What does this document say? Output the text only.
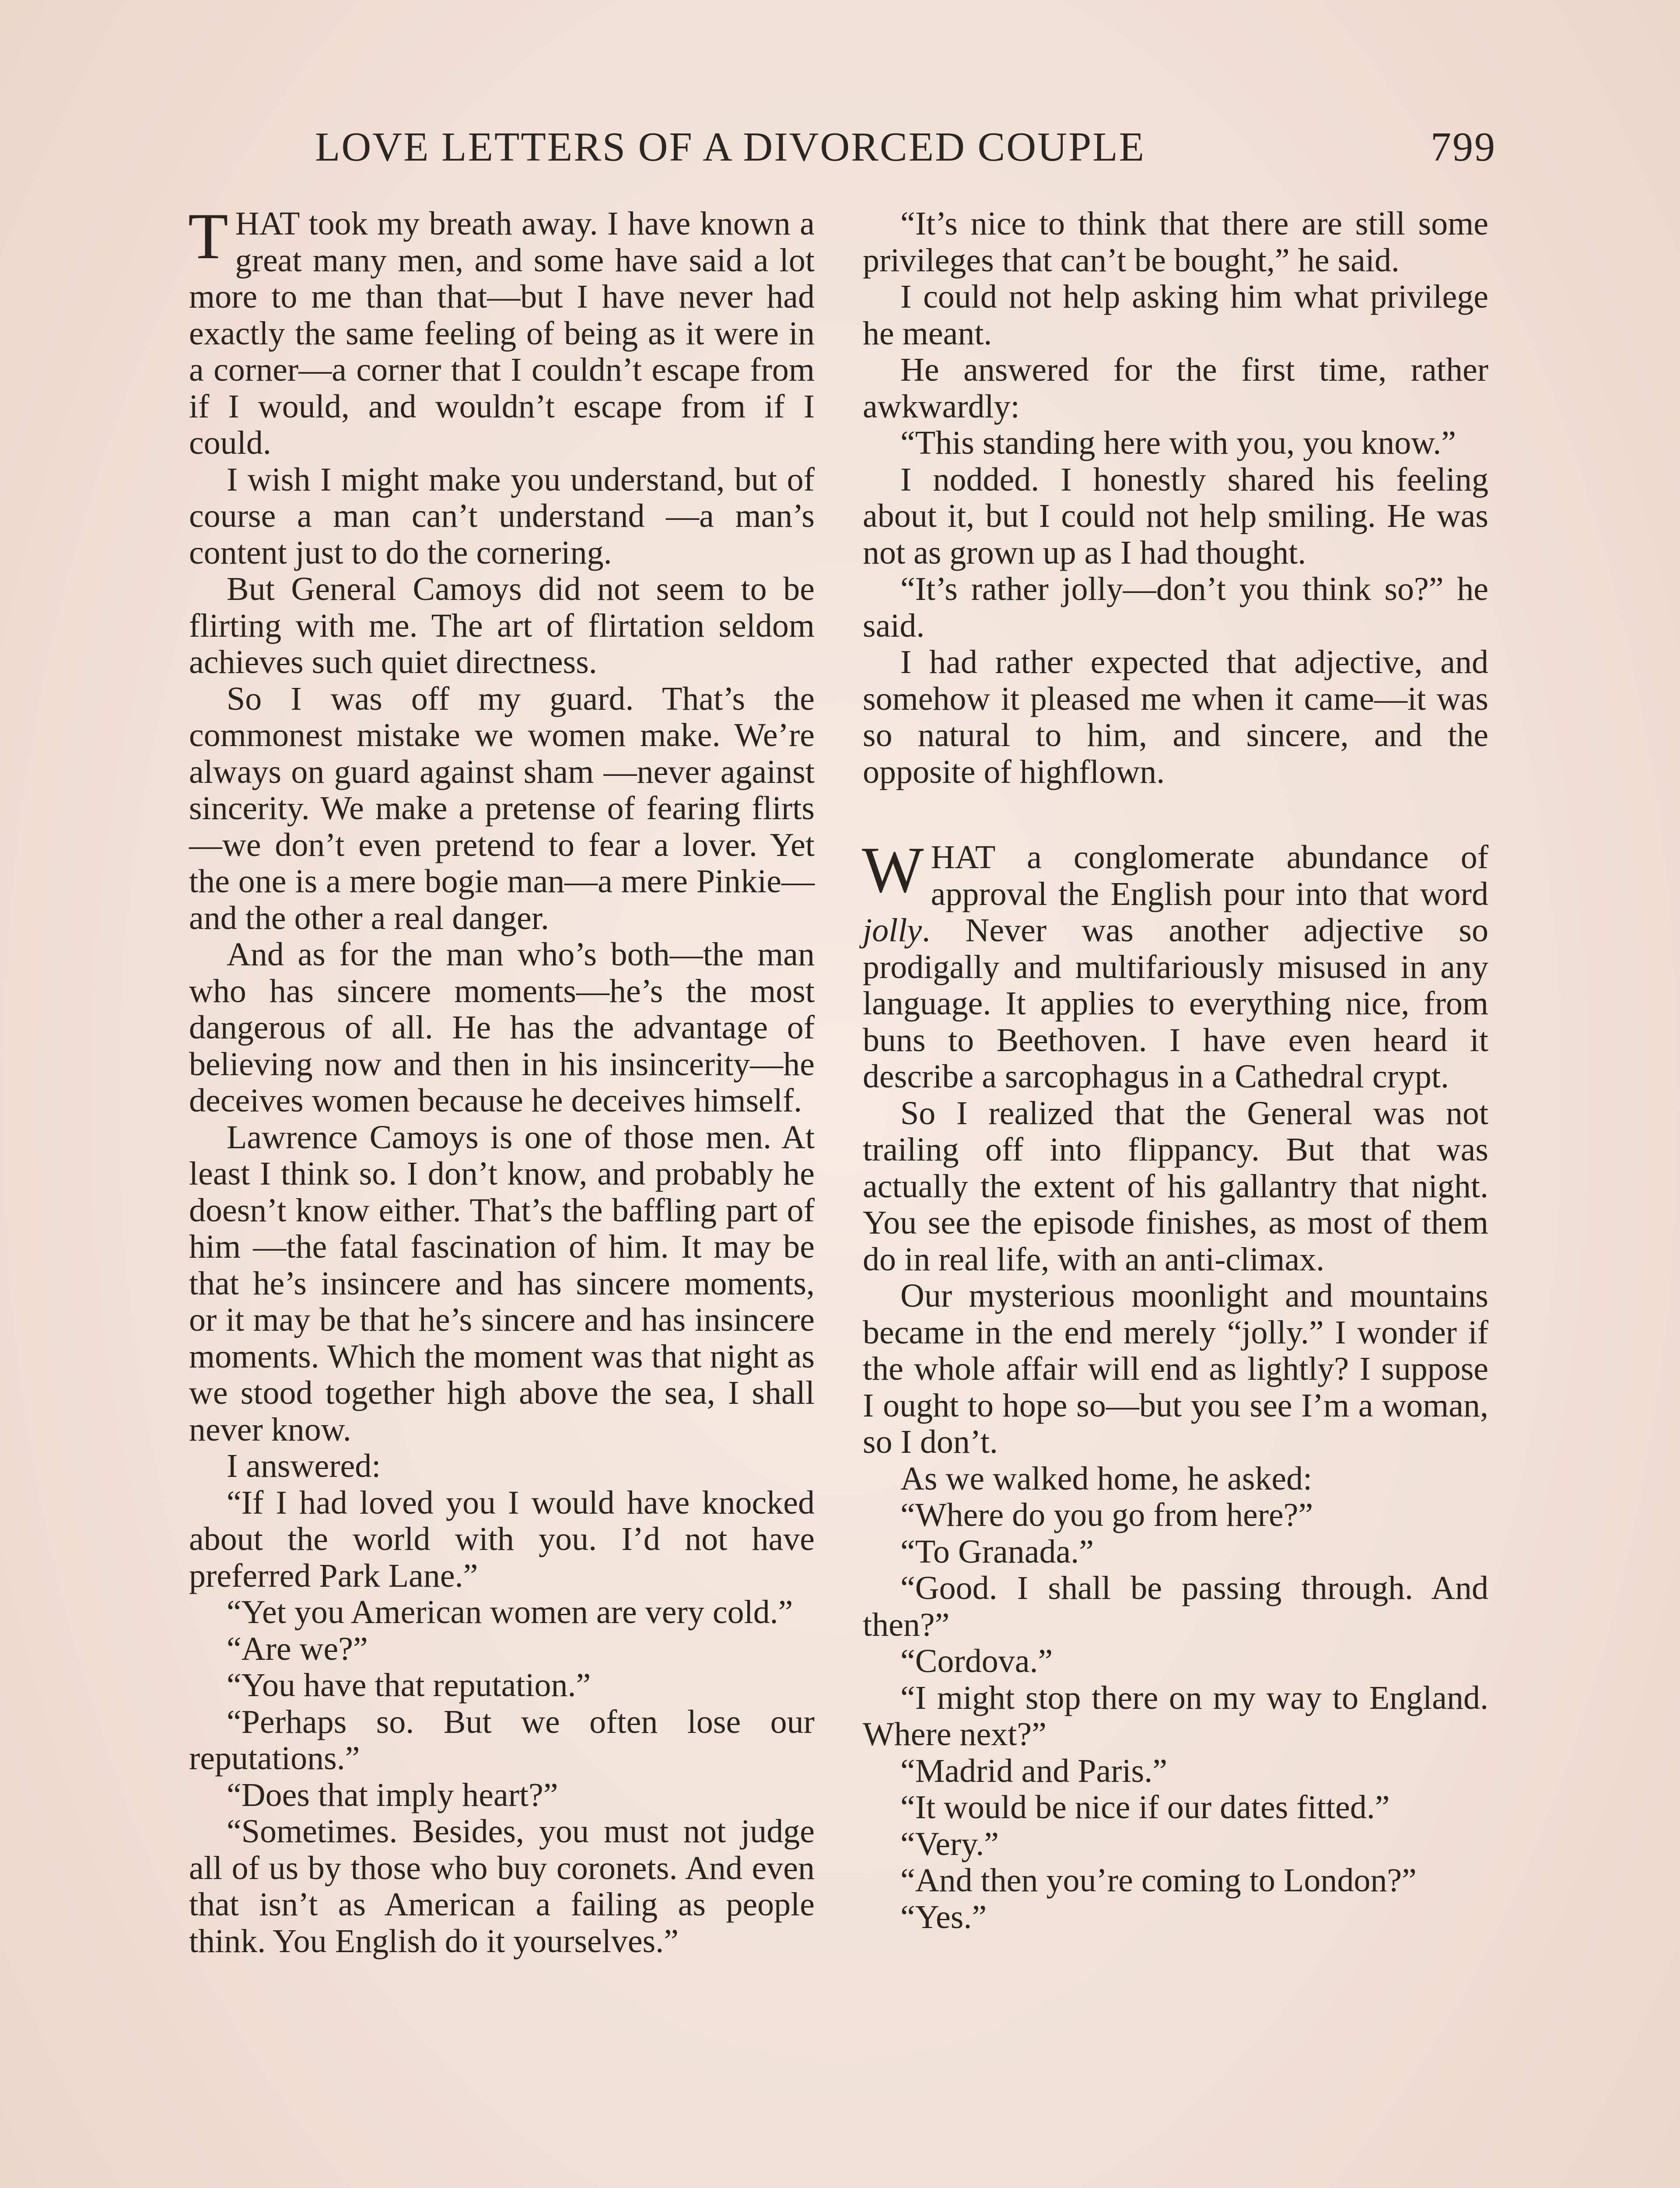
LOVE LETTERS OF A DIVORCED COUPLE	799

THAT took my breath away. I have known a great many men, and some have said a lot more to me than that—but I have never had exactly the same feeling of being as it were in a corner—a corner that I couldn’t escape from if I would, and wouldn’t escape from if I could.

I wish I might make you understand, but of course a man can’t understand —a man’s content just to do the cornering.

But General Camoys did not seem to be flirting with me. The art of flirtation seldom achieves such quiet directness.

So I was off my guard. That’s the commonest mistake we women make. We’re always on guard against sham —never against sincerity. We make a pretense of fearing flirts—we don’t even pretend to fear a lover. Yet the one is a mere bogie man—a mere Pinkie—and the other a real danger.

And as for the man who’s both—the man who has sincere moments—he’s the most dangerous of all. He has the advantage of believing now and then in his insincerity—he deceives women because he deceives himself.

Lawrence Camoys is one of those men. At least I think so. I don’t know, and probably he doesn’t know either. That’s the baffling part of him —the fatal fascination of him. It may be that he’s insincere and has sincere moments, or it may be that he’s sincere and has insincere moments. Which the moment was that night as we stood together high above the sea, I shall never know.

I answered:

“If I had loved you I would have knocked about the world with you. I’d not have preferred Park Lane.”

“Yet you American women are very cold.”

“Are we?”

“You have that reputation.”

“Perhaps so. But we often lose our reputations.”

“Does that imply heart?”

“Sometimes. Besides, you must not judge all of us by those who buy coronets. And even that isn’t as American a failing as people think. You English do it yourselves.”

“It’s nice to think that there are still some privileges that can’t be bought,” he said.

I could not help asking him what privilege he meant.

He answered for the first time, rather awkwardly:

“This standing here with you, you know.”

I nodded. I honestly shared his feeling about it, but I could not help smiling. He was not as grown up as I had thought.

“It’s rather jolly—don’t you think so?” he said.

I had rather expected that adjective, and somehow it pleased me when it came—it was so natural to him, and sincere, and the opposite of highflown.

WHAT a conglomerate abundance of approval the English pour into that word jolly. Never was another adjective so prodigally and multifariously misused in any language. It applies to everything nice, from buns to Beethoven. I have even heard it describe a sarcophagus in a Cathedral crypt.

So I realized that the General was not trailing off into flippancy. But that was actually the extent of his gallantry that night. You see the episode finishes, as most of them do in real life, with an anti-climax.

Our mysterious moonlight and mountains became in the end merely “jolly.” I wonder if the whole affair will end as lightly? I suppose I ought to hope so—but you see I’m a woman, so I don’t.

As we walked home, he asked:

“Where do you go from here?”

“To Granada.”

“Good. I shall be passing through. And then?”

“Cordova.”

“I might stop there on my way to England. Where next?”

“Madrid and Paris.”

“It would be nice if our dates fitted.”

“Very.”

“And then you’re coming to London?”

“Yes.”
